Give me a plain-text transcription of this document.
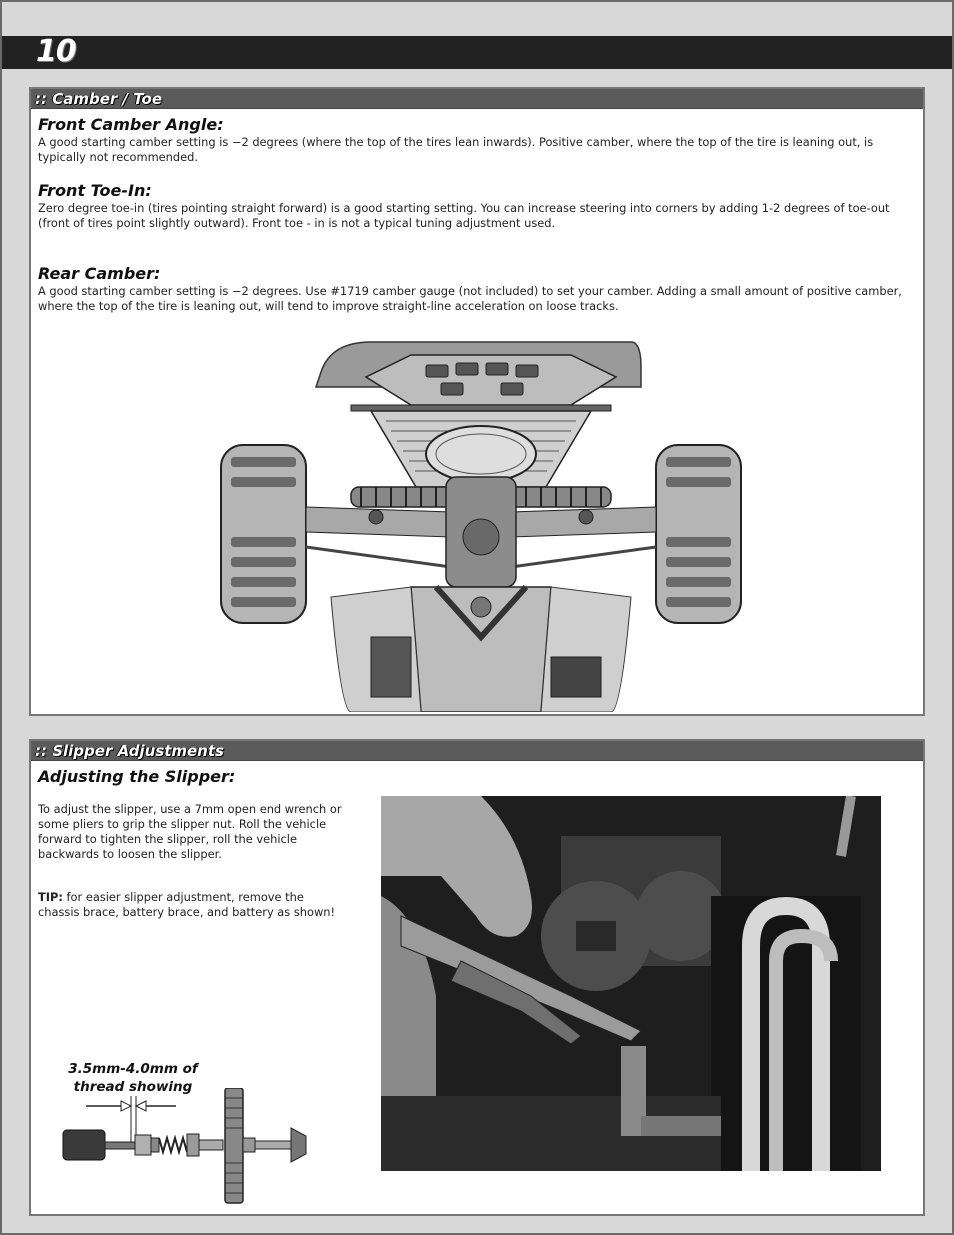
10
:: Camber / Toe
Front Camber Angle:
A good starting camber setting is −2 degrees (where the top of the tires lean inwards). Positive camber, where the top of the tire is leaning out, is typically not recommended.
Front Toe-In:
Zero degree toe-in (tires pointing straight forward) is a good starting setting. You can increase steering into corners by adding 1-2 degrees of toe-out (front of tires point slightly outward). Front toe - in is not a typical tuning adjustment used.
Rear Camber:
A good starting camber setting is −2 degrees. Use #1719 camber gauge (not included) to set your camber. Adding a small amount of positive camber, where the top of the tire is leaning out, will tend to improve straight-line acceleration on loose tracks.
:: Slipper Adjustments
Adjusting the Slipper:
To adjust the slipper, use a 7mm open end wrench or some pliers to grip the slipper nut. Roll the vehicle forward to tighten the slipper, roll the vehicle backwards to loosen the slipper.
TIP: for easier slipper adjustment, remove the chassis brace, battery brace, and battery as shown!
3.5mm-4.0mm of
thread showing
